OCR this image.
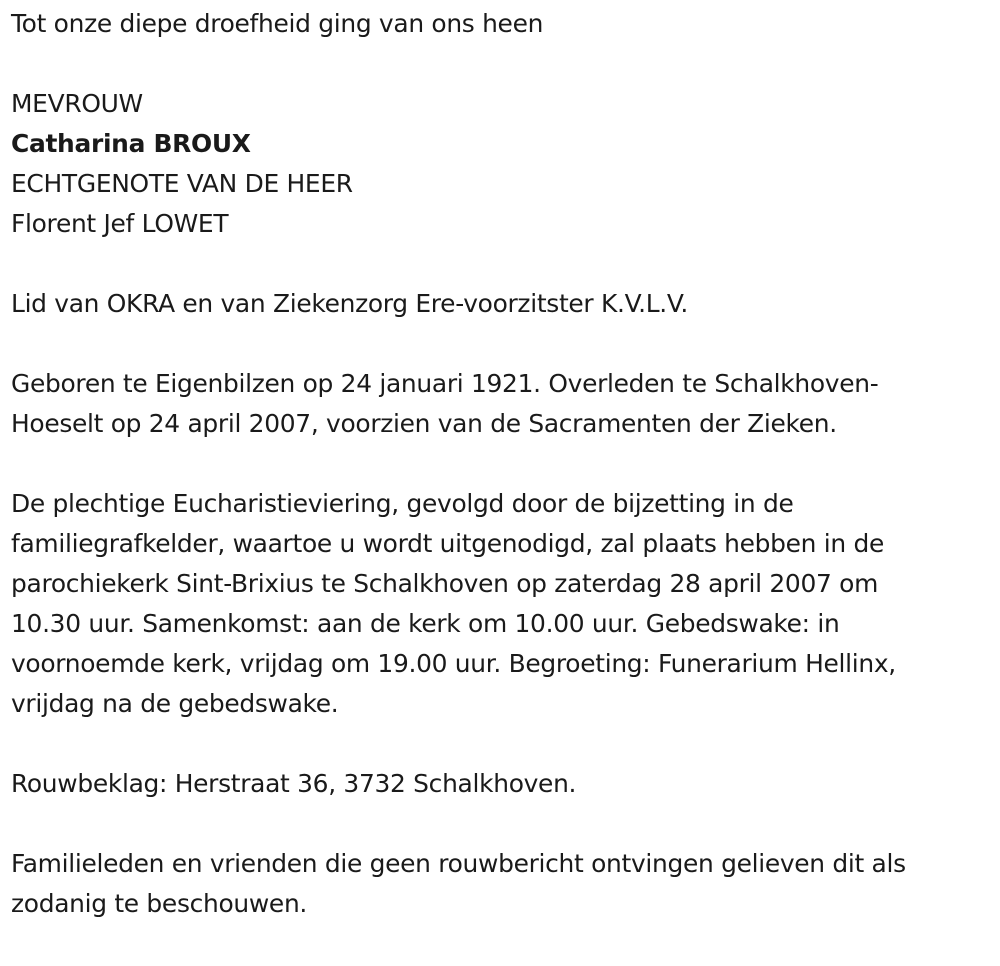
Tot onze diepe droefheid ging van ons heen

MEVROUW

Catharina BROUX

ECHTGENOTE VAN DE HEER

Florent Jef LOWET

Lid van OKRA en van Ziekenzorg Ere-voorzitster K.V.L.V.

Geboren te Eigenbilzen op 24 januari 1921. Overleden te Schalkhoven-

Hoeselt op 24 april 2007, voorzien van de Sacramenten der Zieken.

De plechtige Eucharistieviering, gevolgd door de bijzetting in de

familiegrafkelder, waartoe u wordt uitgenodigd, zal plaats hebben in de

parochiekerk Sint-Brixius te Schalkhoven op zaterdag 28 april 2007 om

10.30 uur. Samenkomst: aan de kerk om 10.00 uur. Gebedswake: in

voornoemde kerk, vrijdag om 19.00 uur. Begroeting: Funerarium Hellinx,

vrijdag na de gebedswake.

Rouwbeklag: Herstraat 36, 3732 Schalkhoven.

Familieleden en vrienden die geen rouwbericht ontvingen gelieven dit als

zodanig te beschouwen.
